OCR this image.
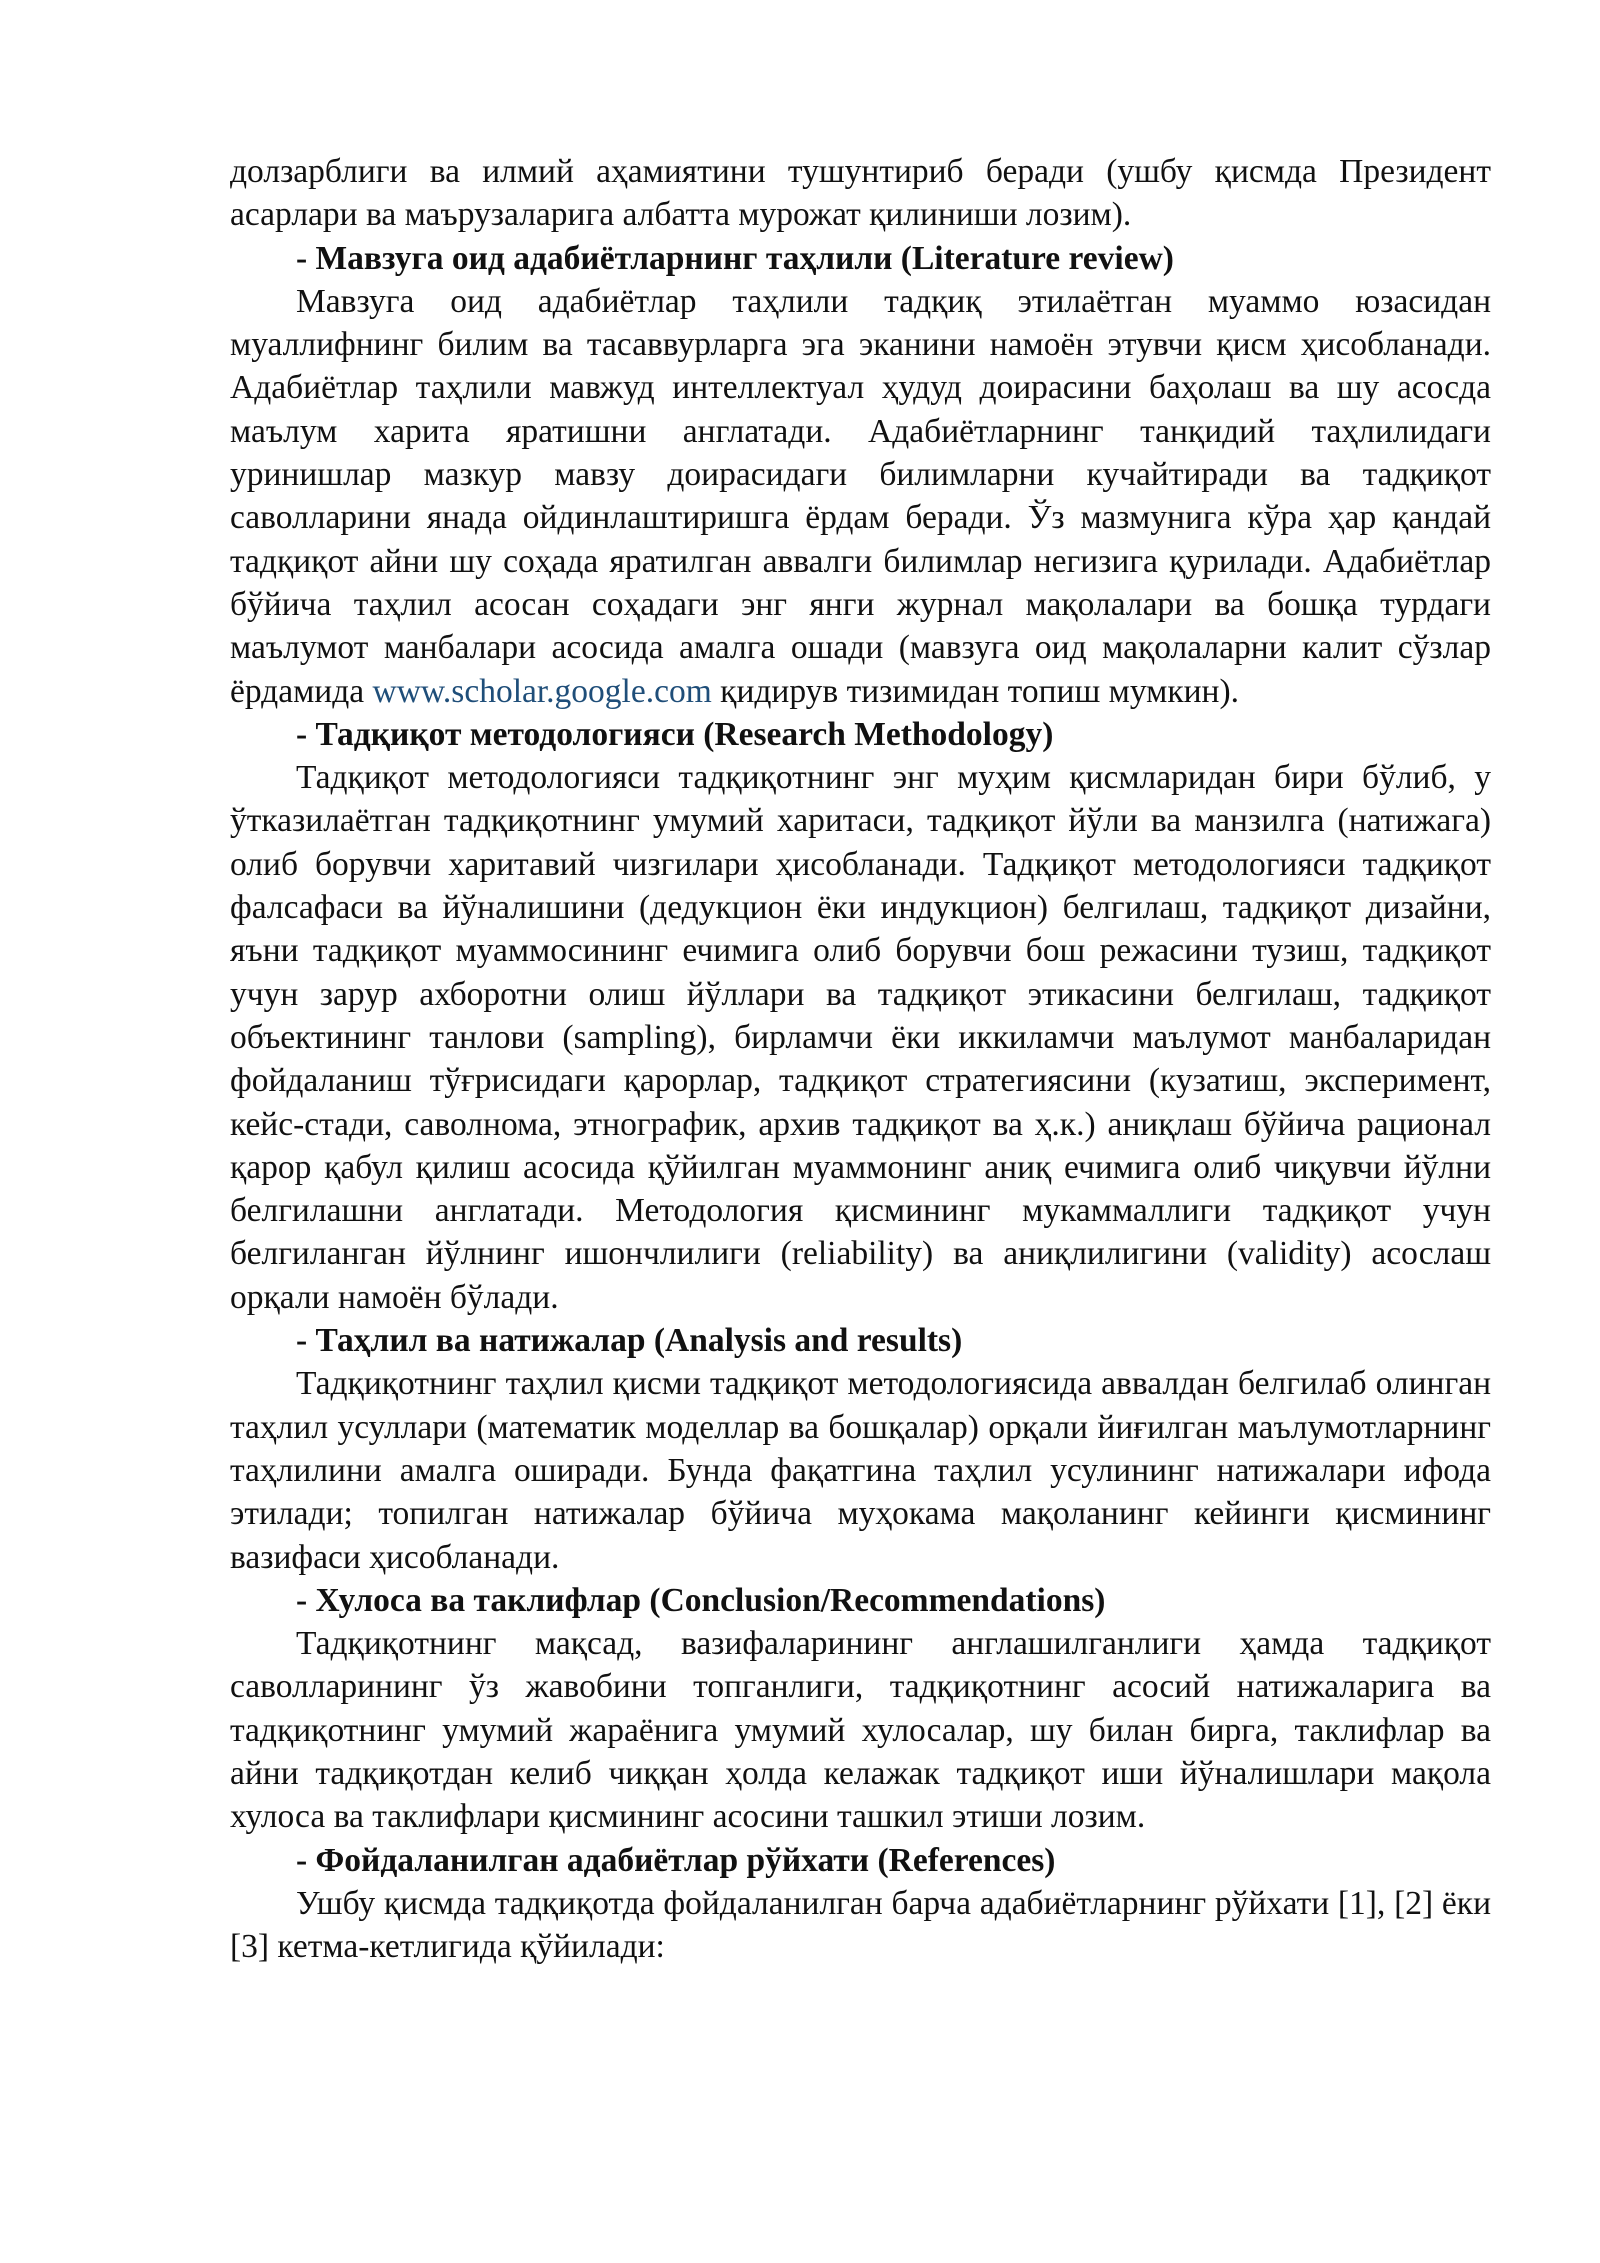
долзарблиги ва илмий аҳамиятини тушунтириб беради (ушбу қисмда Президент асарлари ва маърузаларига албатта мурожат қилиниши лозим).

- Мавзуга оид адабиётларнинг таҳлили (Literature review)

Мавзуга оид адабиётлар таҳлили тадқиқ этилаётган муаммо юзасидан муаллифнинг билим ва тасаввурларга эга эканини намоён этувчи қисм ҳисобланади. Адабиётлар таҳлили мавжуд интеллектуал ҳудуд доирасини баҳолаш ва шу асосда маълум харита яратишни англатади. Адабиётларнинг танқидий таҳлилидаги уринишлар мазкур мавзу доирасидаги билимларни кучайтиради ва тадқиқот саволларини янада ойдинлаштиришга ёрдам беради. Ўз мазмунига кўра ҳар қандай тадқиқот айни шу соҳада яратилган аввалги билимлар негизига қурилади. Адабиётлар бўйича таҳлил асосан соҳадаги энг янги журнал мақолалари ва бошқа турдаги маълумот манбалари асосида амалга ошади (мавзуга оид мақолаларни калит сўзлар ёрдамида www.scholar.google.com қидирув тизимидан топиш мумкин).

- Тадқиқот методологияси (Research Methodology)

Тадқиқот методологияси тадқиқотнинг энг муҳим қисмларидан бири бўлиб, у ўтказилаётган тадқиқотнинг умумий харитаси, тадқиқот йўли ва манзилга (натижага) олиб борувчи харитавий чизгилари ҳисобланади. Тадқиқот методологияси тадқиқот фалсафаси ва йўналишини (дедукцион ёки индукцион) белгилаш, тадқиқот дизайни, яъни тадқиқот муаммосининг ечимига олиб борувчи бош режасини тузиш, тадқиқот учун зарур ахборотни олиш йўллари ва тадқиқот этикасини белгилаш, тадқиқот объектининг танлови (sampling), бирламчи ёки иккиламчи маълумот манбаларидан фойдаланиш тўғрисидаги қарорлар, тадқиқот стратегиясини (кузатиш, эксперимент, кейс-стади, саволнома, этнографик, архив тадқиқот ва ҳ.к.) аниқлаш бўйича рационал қарор қабул қилиш асосида қўйилган муаммонинг аниқ ечимига олиб чиқувчи йўлни белгилашни англатади. Методология қисмининг мукаммаллиги тадқиқот учун белгиланган йўлнинг ишончлилиги (reliability) ва аниқлилигини (validity) асослаш орқали намоён бўлади.

- Таҳлил ва натижалар (Analysis and results)

Тадқиқотнинг таҳлил қисми тадқиқот методологиясида аввалдан белгилаб олинган таҳлил усуллари (математик моделлар ва бошқалар) орқали йиғилган маълумотларнинг таҳлилини амалга оширади. Бунда фақатгина таҳлил усулининг натижалари ифода этилади; топилган натижалар бўйича муҳокама мақоланинг кейинги қисмининг вазифаси ҳисобланади.

- Хулоса ва таклифлар (Conclusion/Recommendations)

Тадқиқотнинг мақсад, вазифаларининг англашилганлиги ҳамда тадқиқот саволларининг ўз жавобини топганлиги, тадқиқотнинг асосий натижаларига ва тадқиқотнинг умумий жараёнига умумий хулосалар, шу билан бирга, таклифлар ва айни тадқиқотдан келиб чиққан ҳолда келажак тадқиқот иши йўналишлари мақола хулоса ва таклифлари қисмининг асосини ташкил этиши лозим.

- Фойдаланилган адабиётлар рўйхати (References)

Ушбу қисмда тадқиқотда фойдаланилган барча адабиётларнинг рўйхати [1], [2] ёки [3] кетма-кетлигида қўйилади:
